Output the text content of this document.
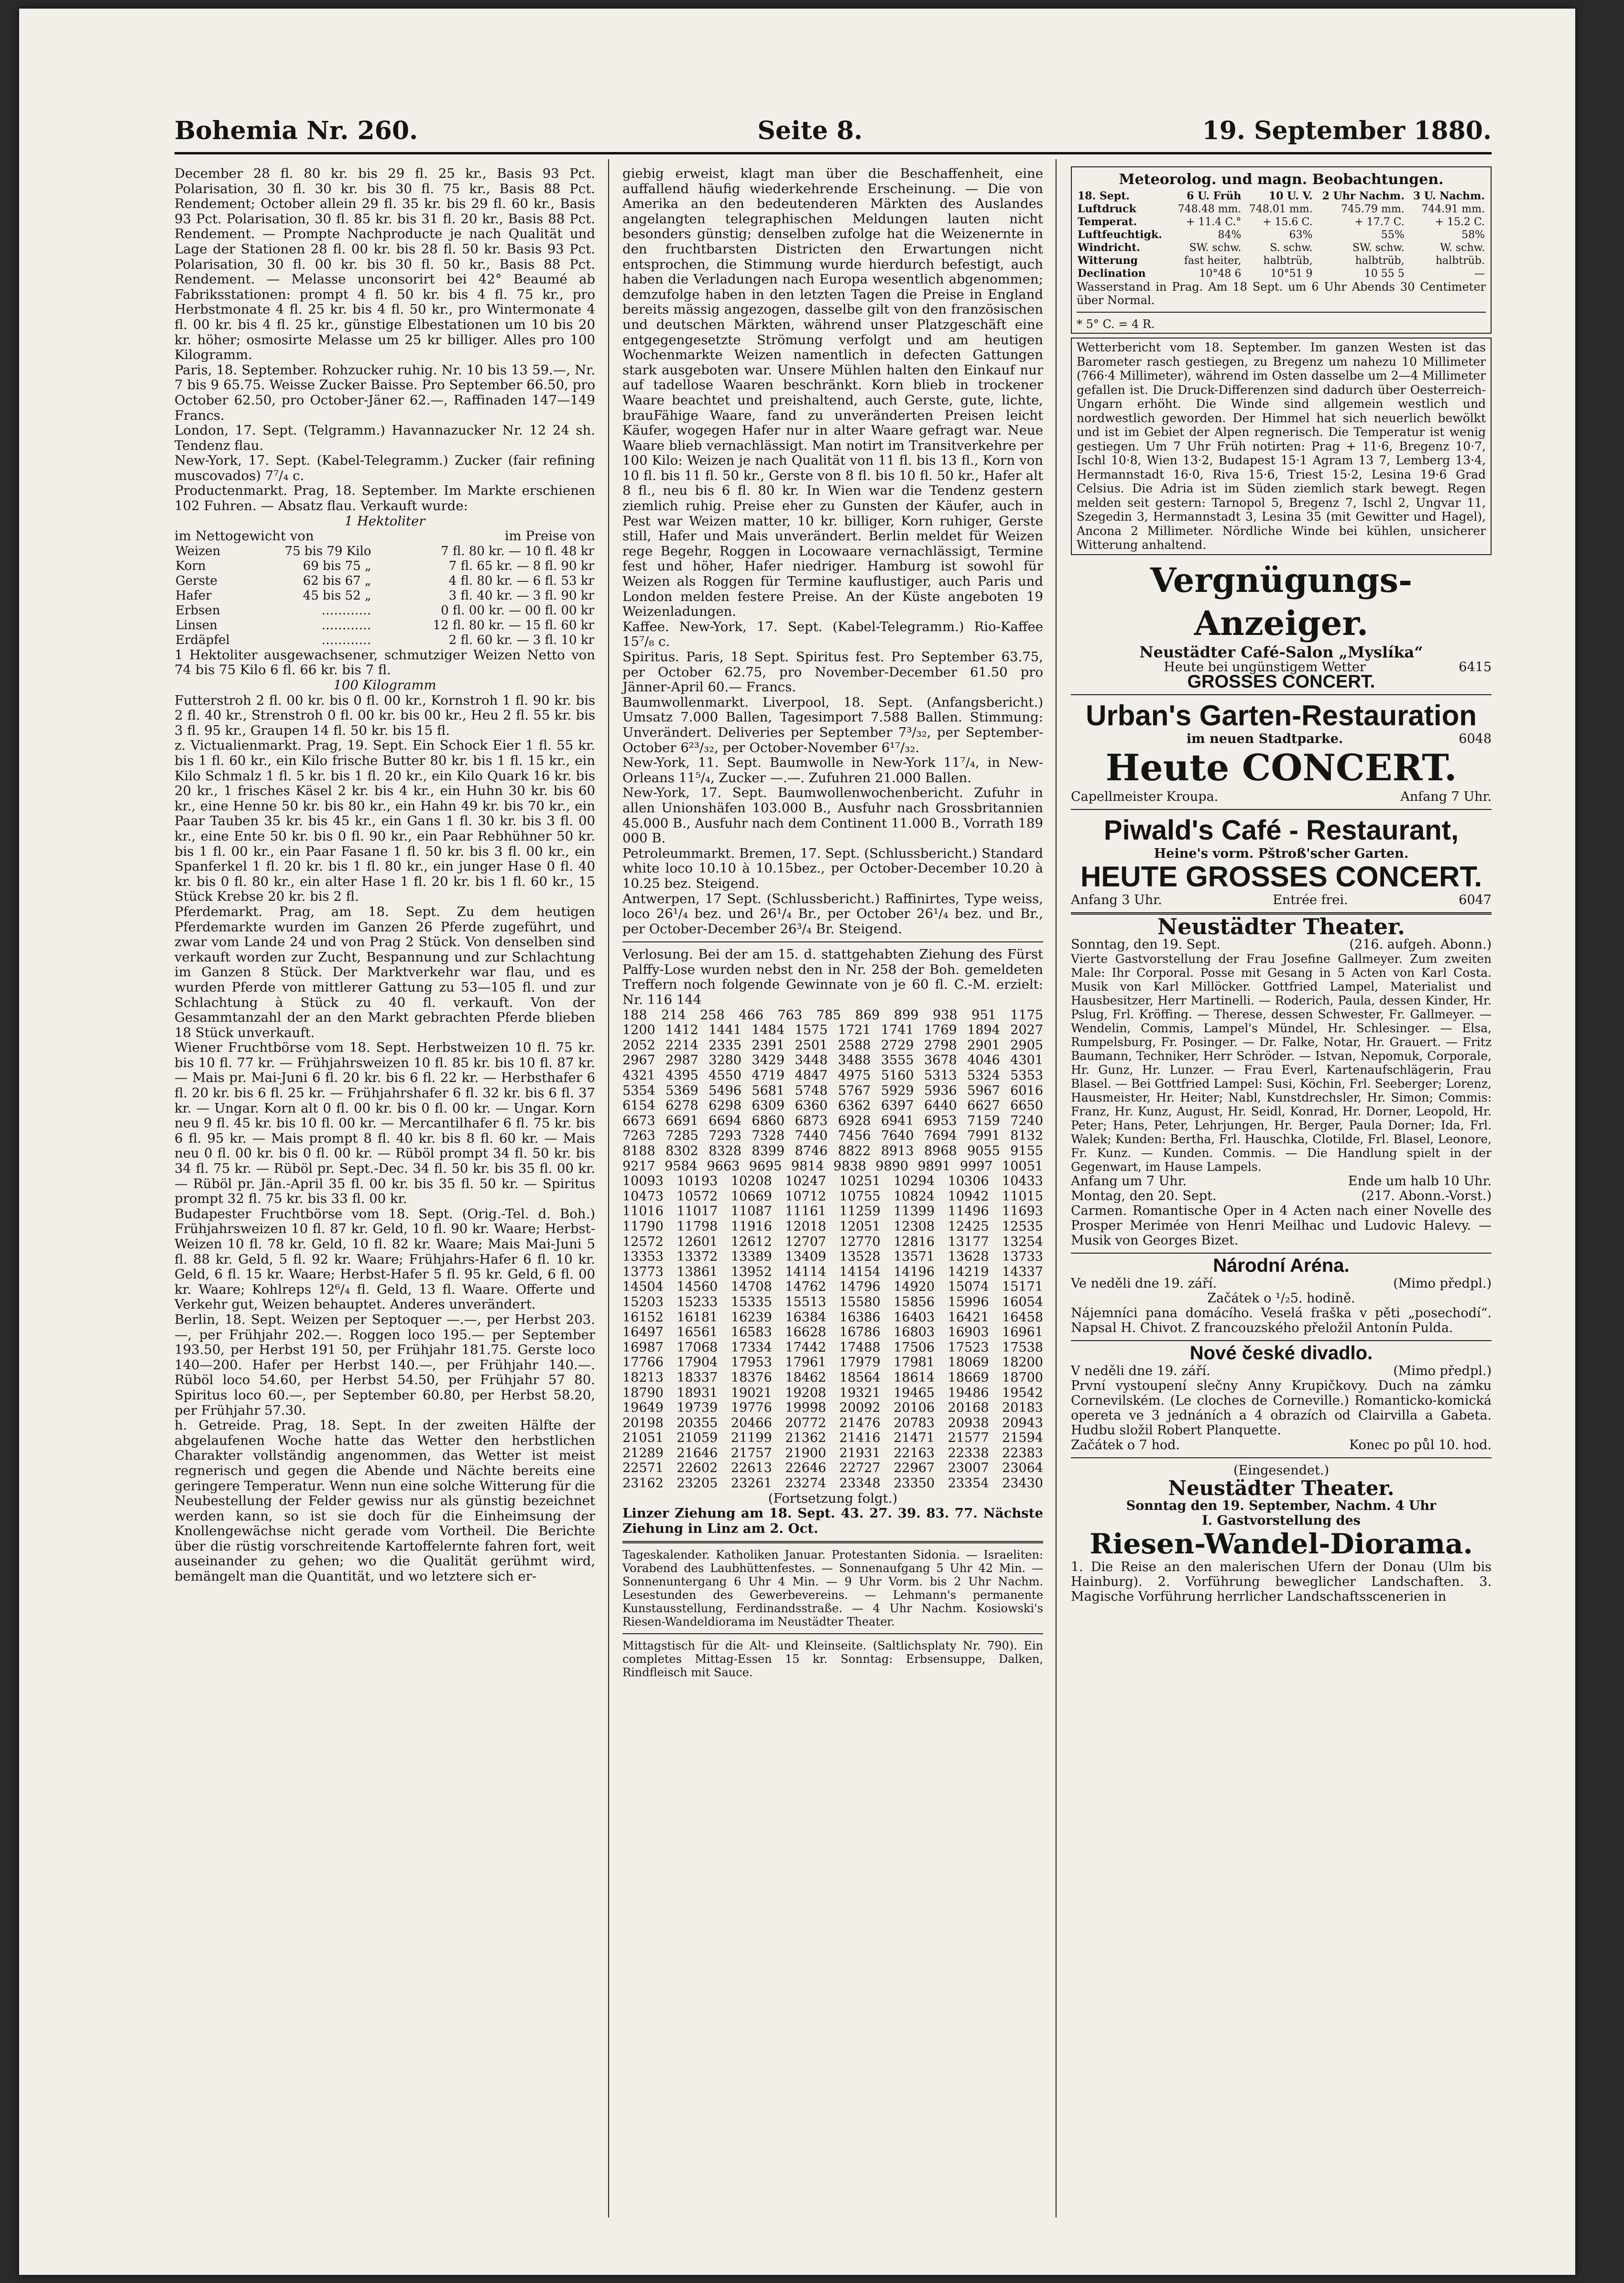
Bohemia Nr. 260.	Seite 8.	19. September 1880.

December 28 fl. 80 kr. bis 29 fl. 25 kr., Basis 93 Pct. Polarisation, 30 fl. 30 kr. bis 30 fl. 75 kr., Basis 88 Pct. Rendement; October allein 29 fl. 35 kr. bis 29 fl. 60 kr., Basis 93 Pct. Polarisation, 30 fl. 85 kr. bis 31 fl. 20 kr., Basis 88 Pct. Rendement. — Prompte Nachproducte je nach Qualität und Lage der Stationen 28 fl. 00 kr. bis 28 fl. 50 kr. Basis 93 Pct. Polarisation, 30 fl. 00 kr. bis 30 fl. 50 kr., Basis 88 Pct. Rendement. — Melasse unconsorirt bei 42° Beaumé ab Fabriksstationen: prompt 4 fl. 50 kr. bis 4 fl. 75 kr., pro Herbstmonate 4 fl. 25 kr. bis 4 fl. 50 kr., pro Wintermonate 4 fl. 00 kr. bis 4 fl. 25 kr., günstige Elbestationen um 10 bis 20 kr. höher; osmosirte Melasse um 25 kr billiger. Alles pro 100 Kilogramm.

Paris, 18. September. Rohzucker ruhig. Nr. 10 bis 13 59.—, Nr. 7 bis 9 65.75. Weisse Zucker Baisse. Pro September 66.50, pro October 62.50, pro October-Jäner 62.—, Raffinaden 147—149 Francs.

London, 17. Sept. (Telgramm.) Havannazucker Nr. 12 24 sh. Tendenz flau.

New-York, 17. Sept. (Kabel-Telegramm.) Zucker (fair refining muscovados) 7⁷/₄ c.

Productenmarkt. Prag, 18. September. Im Markte erschienen 102 Fuhren. — Absatz flau. Verkauft wurde:

1 Hektoliter
im Nettogewicht von	im Preise von
Weizen	75 bis 79 Kilo	7 fl. 80 kr. — 10 fl. 48 kr
Korn	69 bis 75 „	7 fl. 65 kr. — 8 fl. 90 kr
Gerste	62 bis 67 „	4 fl. 80 kr. — 6 fl. 53 kr
Hafer	45 bis 52 „	3 fl. 40 kr. — 3 fl. 90 kr
Erbsen	…………	0 fl. 00 kr. — 00 fl. 00 kr
Linsen	…………	12 fl. 80 kr. — 15 fl. 60 kr
Erdäpfel	…………	2 fl. 60 kr. — 3 fl. 10 kr

1 Hektoliter ausgewachsener, schmutziger Weizen Netto von 74 bis 75 Kilo 6 fl. 66 kr. bis 7 fl.

100 Kilogramm

Futterstroh 2 fl. 00 kr. bis 0 fl. 00 kr., Kornstroh 1 fl. 90 kr. bis 2 fl. 40 kr., Strenstroh 0 fl. 00 kr. bis 00 kr., Heu 2 fl. 55 kr. bis 3 fl. 95 kr., Graupen 14 fl. 50 kr. bis 15 fl.

z. Victualienmarkt. Prag, 19. Sept. Ein Schock Eier 1 fl. 55 kr. bis 1 fl. 60 kr., ein Kilo frische Butter 80 kr. bis 1 fl. 15 kr., ein Kilo Schmalz 1 fl. 5 kr. bis 1 fl. 20 kr., ein Kilo Quark 16 kr. bis 20 kr., 1 frisches Käsel 2 kr. bis 4 kr., ein Huhn 30 kr. bis 60 kr., eine Henne 50 kr. bis 80 kr., ein Hahn 49 kr. bis 70 kr., ein Paar Tauben 35 kr. bis 45 kr., ein Gans 1 fl. 30 kr. bis 3 fl. 00 kr., eine Ente 50 kr. bis 0 fl. 90 kr., ein Paar Rebhühner 50 kr. bis 1 fl. 00 kr., ein Paar Fasane 1 fl. 50 kr. bis 3 fl. 00 kr., ein Spanferkel 1 fl. 20 kr. bis 1 fl. 80 kr., ein junger Hase 0 fl. 40 kr. bis 0 fl. 80 kr., ein alter Hase 1 fl. 20 kr. bis 1 fl. 60 kr., 15 Stück Krebse 20 kr. bis 2 fl.

Pferdemarkt. Prag, am 18. Sept. Zu dem heutigen Pferdemarkte wurden im Ganzen 26 Pferde zugeführt, und zwar vom Lande 24 und von Prag 2 Stück. Von denselben sind verkauft worden zur Zucht, Bespannung und zur Schlachtung im Ganzen 8 Stück. Der Marktverkehr war flau, und es wurden Pferde von mittlerer Gattung zu 53—105 fl. und zur Schlachtung à Stück zu 40 fl. verkauft. Von der Gesammtanzahl der an den Markt gebrachten Pferde blieben 18 Stück unverkauft.

Wiener Fruchtbörse vom 18. Sept. Herbstweizen 10 fl. 75 kr. bis 10 fl. 77 kr. — Frühjahrsweizen 10 fl. 85 kr. bis 10 fl. 87 kr. — Mais pr. Mai-Juni 6 fl. 20 kr. bis 6 fl. 22 kr. — Herbsthafer 6 fl. 20 kr. bis 6 fl. 25 kr. — Frühjahrshafer 6 fl. 32 kr. bis 6 fl. 37 kr. — Ungar. Korn alt 0 fl. 00 kr. bis 0 fl. 00 kr. — Ungar. Korn neu 9 fl. 45 kr. bis 10 fl. 00 kr. — Mercantilhafer 6 fl. 75 kr. bis 6 fl. 95 kr. — Mais prompt 8 fl. 40 kr. bis 8 fl. 60 kr. — Mais neu 0 fl. 00 kr. bis 0 fl. 00 kr. — Rüböl prompt 34 fl. 50 kr. bis 34 fl. 75 kr. — Rüböl pr. Sept.-Dec. 34 fl. 50 kr. bis 35 fl. 00 kr. — Rüböl pr. Jän.-April 35 fl. 00 kr. bis 35 fl. 50 kr. — Spiritus prompt 32 fl. 75 kr. bis 33 fl. 00 kr.

Budapester Fruchtbörse vom 18. Sept. (Orig.-Tel. d. Boh.) Frühjahrsweizen 10 fl. 87 kr. Geld, 10 fl. 90 kr. Waare; Herbst-Weizen 10 fl. 78 kr. Geld, 10 fl. 82 kr. Waare; Mais Mai-Juni 5 fl. 88 kr. Geld, 5 fl. 92 kr. Waare; Frühjahrs-Hafer 6 fl. 10 kr. Geld, 6 fl. 15 kr. Waare; Herbst-Hafer 5 fl. 95 kr. Geld, 6 fl. 00 kr. Waare; Kohlreps 12⁶/₄ fl. Geld, 13 fl. Waare. Offerte und Verkehr gut, Weizen behauptet. Anderes unverändert.

Berlin, 18. Sept. Weizen per Septoquer —.—, per Herbst 203.—, per Frühjahr 202.—. Roggen loco 195.— per September 193.50, per Herbst 191 50, per Frühjahr 181.75. Gerste loco 140—200. Hafer per Herbst 140.—, per Frühjahr 140.—. Rüböl loco 54.60, per Herbst 54.50, per Frühjahr 57 80. Spiritus loco 60.—, per September 60.80, per Herbst 58.20, per Frühjahr 57.30.

h. Getreide. Prag, 18. Sept. In der zweiten Hälfte der abgelaufenen Woche hatte das Wetter den herbstlichen Charakter vollständig angenommen, das Wetter ist meist regnerisch und gegen die Abende und Nächte bereits eine geringere Temperatur. Wenn nun eine solche Witterung für die Neubestellung der Felder gewiss nur als günstig bezeichnet werden kann, so ist sie doch für die Einheimsung der Knollengewächse nicht gerade vom Vortheil. Die Berichte über die rüstig vorschreitende Kartoffelernte fahren fort, weit auseinander zu gehen; wo die Qualität gerühmt wird, bemängelt man die Quantität, und wo letztere sich er-

giebig erweist, klagt man über die Beschaffenheit, eine auffallend häufig wiederkehrende Erscheinung. — Die von Amerika an den bedeutenderen Märkten des Auslandes angelangten telegraphischen Meldungen lauten nicht besonders günstig; denselben zufolge hat die Weizenernte in den fruchtbarsten Districten den Erwartungen nicht entsprochen, die Stimmung wurde hierdurch befestigt, auch haben die Verladungen nach Europa wesentlich abgenommen; demzufolge haben in den letzten Tagen die Preise in England bereits mässig angezogen, dasselbe gilt von den französischen und deutschen Märkten, während unser Platzgeschäft eine entgegengesetzte Strömung verfolgt und am heutigen Wochenmarkte Weizen namentlich in defecten Gattungen stark ausgeboten war. Unsere Mühlen halten den Einkauf nur auf tadellose Waaren beschränkt. Korn blieb in trockener Waare beachtet und preishaltend, auch Gerste, gute, lichte, brauFähige Waare, fand zu unveränderten Preisen leicht Käufer, wogegen Hafer nur in alter Waare gefragt war. Neue Waare blieb vernachlässigt. Man notirt im Transitverkehre per 100 Kilo: Weizen je nach Qualität von 11 fl. bis 13 fl., Korn von 10 fl. bis 11 fl. 50 kr., Gerste von 8 fl. bis 10 fl. 50 kr., Hafer alt 8 fl., neu bis 6 fl. 80 kr. In Wien war die Tendenz gestern ziemlich ruhig. Preise eher zu Gunsten der Käufer, auch in Pest war Weizen matter, 10 kr. billiger, Korn ruhiger, Gerste still, Hafer und Mais unverändert. Berlin meldet für Weizen rege Begehr, Roggen in Locowaare vernachlässigt, Termine fest und höher, Hafer niedriger. Hamburg ist sowohl für Weizen als Roggen für Termine kauflustiger, auch Paris und London melden festere Preise. An der Küste angeboten 19 Weizenladungen.

Kaffee. New-York, 17. Sept. (Kabel-Telegramm.) Rio-Kaffee 15⁷/₈ c.

Spiritus. Paris, 18 Sept. Spiritus fest. Pro September 63.75, per October 62.75, pro November-December 61.50 pro Jänner-April 60.— Francs.

Baumwollenmarkt. Liverpool, 18. Sept. (Anfangsbericht.) Umsatz 7.000 Ballen, Tagesimport 7.588 Ballen. Stimmung: Unverändert. Deliveries per September 7³/₃₂, per September-October 6²³/₃₂, per October-November 6¹⁷/₃₂.

New-York, 11. Sept. Baumwolle in New-York 11⁷/₄, in New-Orleans 11⁵/₄, Zucker —.—. Zufuhren 21.000 Ballen.

New-York, 17. Sept. Baumwollenwochenbericht. Zufuhr in allen Unionshäfen 103.000 B., Ausfuhr nach Grossbritannien 45.000 B., Ausfuhr nach dem Continent 11.000 B., Vorrath 189 000 B.

Petroleummarkt. Bremen, 17. Sept. (Schlussbericht.) Standard white loco 10.10 à 10.15bez., per October-December 10.20 à 10.25 bez. Steigend.

Antwerpen, 17 Sept. (Schlussbericht.) Raffinirtes, Type weiss, loco 26¹/₄ bez. und 26¹/₄ Br., per October 26¹/₄ bez. und Br., per October-December 26³/₄ Br. Steigend.

Verlosung. Bei der am 15. d. stattgehabten Ziehung des Fürst Palffy-Lose wurden nebst den in Nr. 258 der Boh. gemeldeten Treffern noch folgende Gewinnate von je 60 fl. C.-M. erzielt: Nr. 116 144

188 214 258 466 763 785 869 899 938 951 1175
1200 1412 1441 1484 1575 1721 1741 1769 1894 2027
2052 2214 2335 2391 2501 2588 2729 2798 2901 2905
2967 2987 3280 3429 3448 3488 3555 3678 4046 4301
4321 4395 4550 4719 4847 4975 5160 5313 5324 5353
5354 5369 5496 5681 5748 5767 5929 5936 5967 6016
6154 6278 6298 6309 6360 6362 6397 6440 6627 6650
6673 6691 6694 6860 6873 6928 6941 6953 7159 7240
7263 7285 7293 7328 7440 7456 7640 7694 7991 8132
8188 8302 8328 8399 8746 8822 8913 8968 9055 9155
9217 9584 9663 9695 9814 9838 9890 9891 9997 10051
10093 10193 10208 10247 10251 10294 10306 10433
10473 10572 10669 10712 10755 10824 10942 11015
11016 11017 11087 11161 11259 11399 11496 11693
11790 11798 11916 12018 12051 12308 12425 12535
12572 12601 12612 12707 12770 12816 13177 13254
13353 13372 13389 13409 13528 13571 13628 13733
13773 13861 13952 14114 14154 14196 14219 14337
14504 14560 14708 14762 14796 14920 15074 15171
15203 15233 15335 15513 15580 15856 15996 16054
16152 16181 16239 16384 16386 16403 16421 16458
16497 16561 16583 16628 16786 16803 16903 16961
16987 17068 17334 17442 17488 17506 17523 17538
17766 17904 17953 17961 17979 17981 18069 18200
18213 18337 18376 18462 18564 18614 18669 18700
18790 18931 19021 19208 19321 19465 19486 19542
19649 19739 19776 19998 20092 20106 20168 20183
20198 20355 20466 20772 21476 20783 20938 20943
21051 21059 21199 21362 21416 21471 21577 21594
21289 21646 21757 21900 21931 22163 22338 22383
22571 22602 22613 22646 22727 22967 23007 23064
23162 23205 23261 23274 23348 23350 23354 23430
(Fortsetzung folgt.)

Linzer Ziehung am 18. Sept. 43. 27. 39. 83. 77. Nächste Ziehung in Linz am 2. Oct.

Tageskalender. Katholiken Januar. Protestanten Sidonia. — Israeliten: Vorabend des Laubhüttenfestes. — Sonnenaufgang 5 Uhr 42 Min. — Sonnenuntergang 6 Uhr 4 Min. — 9 Uhr Vorm. bis 2 Uhr Nachm. Lesestunden des Gewerbevereins. — Lehmann's permanente Kunstausstellung, Ferdinandsstraße. — 4 Uhr Nachm. Kosiowski's Riesen-Wandeldiorama im Neustädter Theater.

Mittagstisch für die Alt- und Kleinseite. (Saltlichsplaty Nr. 790). Ein completes Mittag-Essen 15 kr. Sonntag: Erbsensuppe, Dalken, Rindfleisch mit Sauce.

Meteorolog. und magn. Beobachtungen.
18. Sept.	6 U. Früh	10 U. V.	2 Uhr Nachm.	3 U. Nachm.
Luftdruck	748.48 mm.	748.01 mm.	745.79 mm.	744.91 mm.
Temperat.	+ 11.4 C.°	+ 15.6 C.	+ 17.7 C.	+ 15.2 C.
Luftfeuchtigk.	84%	63%	55%	58%
Windricht.	SW. schw.	S. schw.	SW. schw.	W. schw.
Witterung	fast heiter,	halbtrüb,	halbtrüb,	halbtrüb.
Declination	10°48 6	10°51 9	10 55 5	—

Wasserstand in Prag. Am 18 Sept. um 6 Uhr Abends 30 Centimeter über Normal.

* 5° C. = 4 R.

Wetterbericht vom 18. September. Im ganzen Westen ist das Barometer rasch gestiegen, zu Bregenz um nahezu 10 Millimeter (766·4 Millimeter), während im Osten dasselbe um 2—4 Millimeter gefallen ist. Die Druck-Differenzen sind dadurch über Oesterreich-Ungarn erhöht. Die Winde sind allgemein westlich und nordwestlich geworden. Der Himmel hat sich neuerlich bewölkt und ist im Gebiet der Alpen regnerisch. Die Temperatur ist wenig gestiegen. Um 7 Uhr Früh notirten: Prag + 11·6, Bregenz 10·7, Ischl 10·8, Wien 13·2, Budapest 15·1 Agram 13 7, Lemberg 13·4, Hermannstadt 16·0, Riva 15·6, Triest 15·2, Lesina 19·6 Grad Celsius. Die Adria ist im Süden ziemlich stark bewegt. Regen melden seit gestern: Tarnopol 5, Bregenz 7, Ischl 2, Ungvar 11, Szegedin 3, Hermannstadt 3, Lesina 35 (mit Gewitter und Hagel), Ancona 2 Millimeter. Nördliche Winde bei kühlen, unsicherer Witterung anhaltend.

Vergnügungs-Anzeiger.
Neustädter Café-Salon „Myslíka“
Heute bei ungünstigem Wetter	6415
GROSSES CONCERT.
Urban's Garten-Restauration
im neuen Stadtparke.	6048
Heute CONCERT.
Capellmeister Kroupa.	Anfang 7 Uhr.
Piwald's Café - Restaurant,
Heine's vorm. Pštroß'scher Garten.
HEUTE GROSSES CONCERT.
Anfang 3 Uhr.	Entrée frei.	6047
Neustädter Theater.
Sonntag, den 19. Sept.	(216. aufgeh. Abonn.)

Vierte Gastvorstellung der Frau Josefine Gallmeyer. Zum zweiten Male: Ihr Corporal. Posse mit Gesang in 5 Acten von Karl Costa. Musik von Karl Millöcker. Gottfried Lampel, Materialist und Hausbesitzer, Herr Martinelli. — Roderich, Paula, dessen Kinder, Hr. Pslug, Frl. Kröffing. — Therese, dessen Schwester, Fr. Gallmeyer. — Wendelin, Commis, Lampel's Mündel, Hr. Schlesinger. — Elsa, Rumpelsburg, Fr. Posinger. — Dr. Falke, Notar, Hr. Grauert. — Fritz Baumann, Techniker, Herr Schröder. — Istvan, Nepomuk, Corporale, Hr. Gunz, Hr. Lunzer. — Frau Everl, Kartenaufschlägerin, Frau Blasel. — Bei Gottfried Lampel: Susi, Köchin, Frl. Seeberger; Lorenz, Hausmeister, Hr. Heiter; Nabl, Kunstdrechsler, Hr. Simon; Commis: Franz, Hr. Kunz, August, Hr. Seidl, Konrad, Hr. Dorner, Leopold, Hr. Peter; Hans, Peter, Lehrjungen, Hr. Berger, Paula Dorner; Ida, Frl. Walek; Kunden: Bertha, Frl. Hauschka, Clotilde, Frl. Blasel, Leonore, Fr. Kunz. — Kunden. Commis. — Die Handlung spielt in der Gegenwart, im Hause Lampels.

Anfang um 7 Uhr.	Ende um halb 10 Uhr.
Montag, den 20. Sept.	(217. Abonn.-Vorst.)

Carmen. Romantische Oper in 4 Acten nach einer Novelle des Prosper Merimée von Henri Meilhac und Ludovic Halevy. — Musik von Georges Bizet.

Národní Aréna.
Ve neděli dne 19. září.	(Mimo předpl.)
Začátek o ¹/₂5. hodině.

Nájemníci pana domácího. Veselá fraška v pěti „posechodí“. Napsal H. Chivot. Z francouzského přeložil Antonín Pulda.

Nové české divadlo.
V neděli dne 19. září.	(Mimo předpl.)

První vystoupení slečny Anny Krupičkovy. Duch na zámku Cornevilském. (Le cloches de Corneville.) Romanticko-komická opereta ve 3 jednáních a 4 obrazích od Clairvilla a Gabeta. Hudbu složil Robert Planquette.

Začátek o 7 hod.	Konec po půl 10. hod.
(Eingesendet.)
Neustädter Theater.
Sonntag den 19. September, Nachm. 4 Uhr
I. Gastvorstellung des
Riesen-Wandel-Diorama.

1. Die Reise an den malerischen Ufern der Donau (Ulm bis Hainburg). 2. Vorführung beweglicher Landschaften. 3. Magische Vorführung herrlicher Landschaftsscenerien in
